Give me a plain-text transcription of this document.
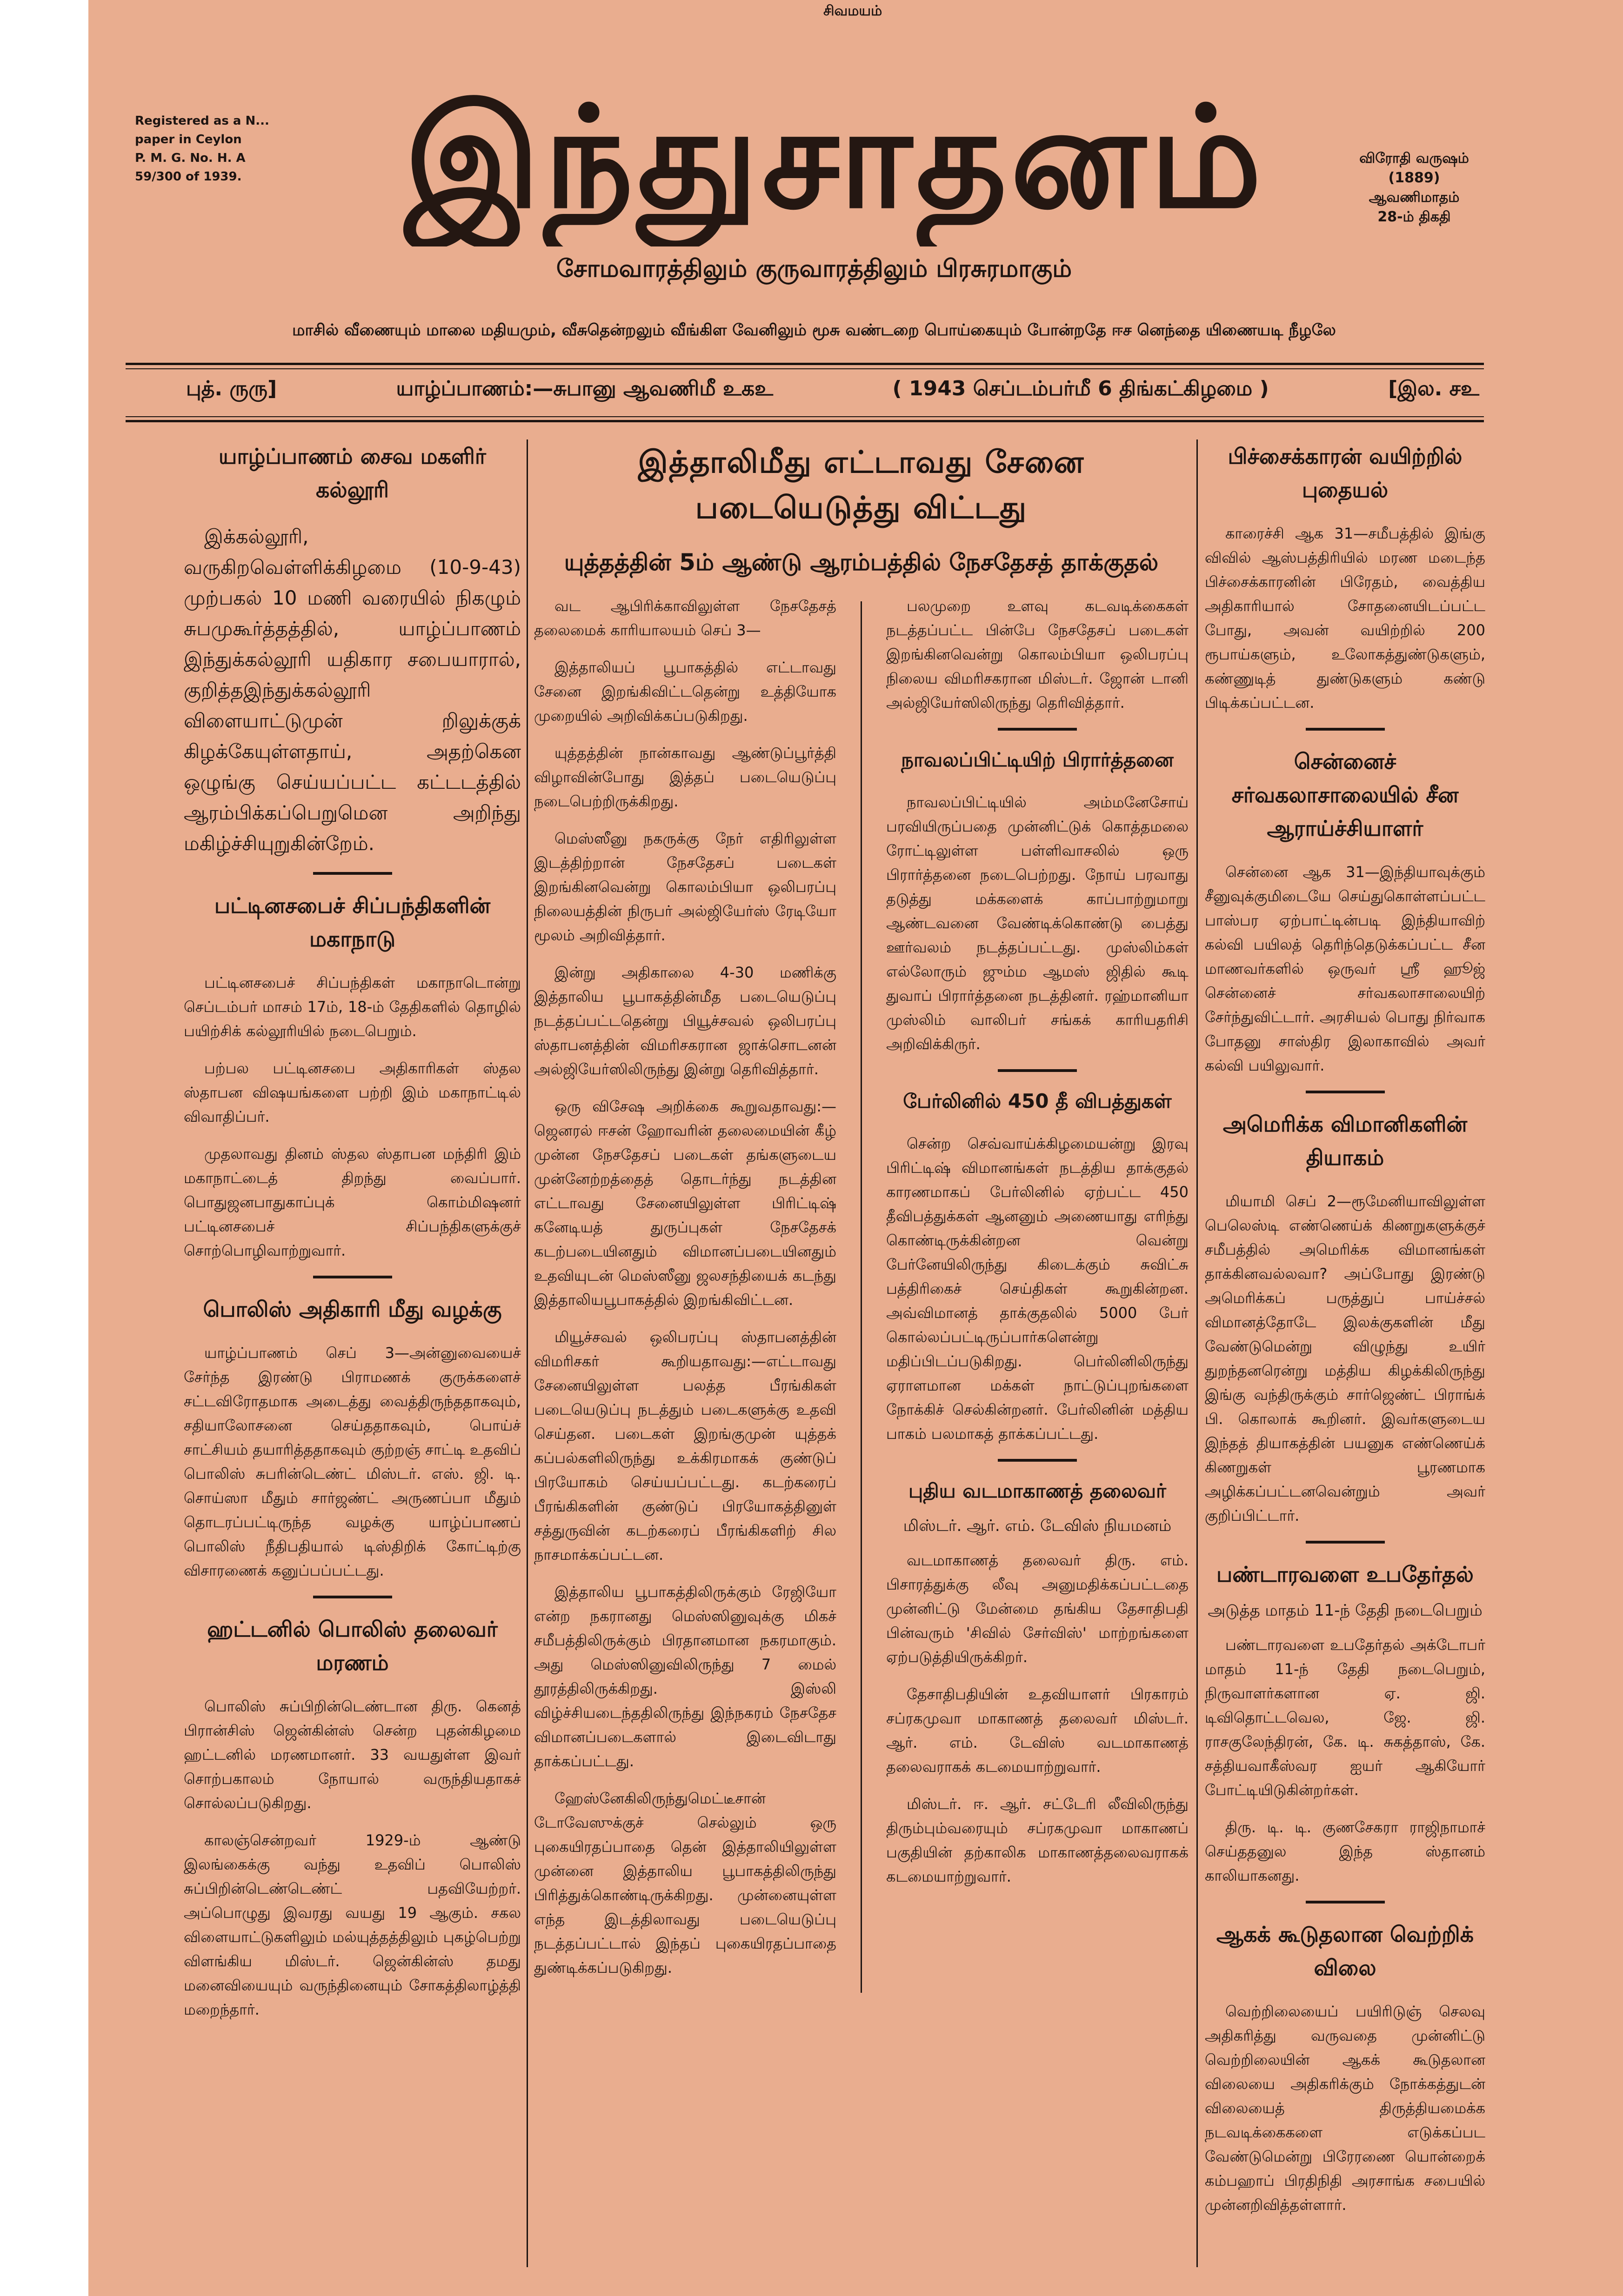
சிவமயம்
Registered as a N...
paper in Ceylon
P. M. G. No. H. A
59/300 of 1939.	இந்துசாதனம்	விரோதி வருஷம்
(1889)
ஆவணிமாதம்
28-ம் திகதி
சோமவாரத்திலும் குருவாரத்திலும் பிரசுரமாகும்
மாசில் வீணையும் மாலை மதியமும், வீசுதென்றலும் வீங்கிள வேனிலும் மூசு வண்டறை பொய்கையும் போன்றதே ஈச னெந்தை யிணையடி நீழலே
புத். ருரு]	யாழ்ப்பாணம்:—சுபானு ஆவணிமீ உகஉ	( 1943 செப்டம்பர்மீ 6 திங்கட்கிழமை )	[இல. சஉ
யாழ்ப்பாணம் சைவ மகளிர் கல்லூரி

இக்கல்லூரி, வருகிறவெள்ளிக்கிழமை (10-9-43) முற்பகல் 10 மணி வரையில் நிகழும் சுபமுகூர்த்தத்தில், யாழ்ப்பாணம் இந்துக்கல்லூரி யதிகார சபையாரால், குறித்தஇந்துக்கல்லூரி விளையாட்டுமுன் றிலுக்குக் கிழக்கேயுள்ளதாய், அதற்கென ஒழுங்கு செய்யப்பட்ட கட்டடத்தில் ஆரம்பிக்கப்பெறுமென அறிந்து மகிழ்ச்சியுறுகின்றேம்.

பட்டினசபைச் சிப்பந்திகளின் மகாநாடு

பட்டினசபைச் சிப்பந்திகள் மகாநாடொன்று செப்டம்பர் மாசம் 17ம், 18-ம் தேதிகளில் தொழில் பயிற்சிக் கல்லூரியில் நடைபெறும்.

பற்பல பட்டினசபை அதிகாரிகள் ஸ்தல ஸ்தாபன விஷயங்களை பற்றி இம் மகாநாட்டில் விவாதிப்பர்.

முதலாவது தினம் ஸ்தல ஸ்தாபன மந்திரி இம் மகாநாட்டைத் திறந்து வைப்பார். பொதுஜனபாதுகாப்புக் கொம்மிஷனர் பட்டினசபைச் சிப்பந்திகளுக்குச் சொற்பொழிவாற்றுவார்.

பொலிஸ் அதிகாரி மீது வழக்கு

யாழ்ப்பாணம் செப் 3—அன்னுவையைச் சேர்ந்த இரண்டு பிராமணக் குருக்களைச் சட்டவிரோதமாக அடைத்து வைத்திருந்ததாகவும், சதியாலோசனை செய்ததாகவும், பொய்ச் சாட்சியம் தயாரித்ததாகவும் குற்றஞ் சாட்டி உதவிப் பொலிஸ் சுபரின்டெண்ட் மிஸ்டர். எஸ். ஜி. டி. சொய்ஸா மீதும் சார்ஜண்ட் அருணப்பா மீதும் தொடரப்பட்டிருந்த வழக்கு யாழ்ப்பாணப் பொலிஸ் நீதிபதியால் டிஸ்திறிக் கோட்டிற்கு விசாரணைக் கனுப்பப்பட்டது.

ஹட்டனில் பொலிஸ் தலைவர் மரணம்

பொலிஸ் சுப்பிறின்டெண்டான திரு. கெனத் பிரான்சிஸ் ஜென்கின்ஸ் சென்ற புதன்கிழமை ஹட்டனில் மரணமானர். 33 வயதுள்ள இவர் சொற்பகாலம் நோயால் வருந்தியதாகச் சொல்லப்படுகிறது.

காலஞ்சென்றவர் 1929-ம் ஆண்டு இலங்கைக்கு வந்து உதவிப் பொலிஸ் சுப்பிறின்டெண்டெண்ட் பதவியேற்றர். அப்பொழுது இவரது வயது 19 ஆகும். சகல விளையாட்டுகளிலும் மல்யுத்தத்திலும் புகழ்பெற்று விளங்கிய மிஸ்டர். ஜென்கின்ஸ் தமது மனைவியையும் வருந்தினையும் சோகத்திலாழ்த்தி மறைந்தார்.

இத்தாலிமீது எட்டாவது சேனை படையெடுத்து விட்டது
யுத்தத்தின் 5ம் ஆண்டு ஆரம்பத்தில் நேசதேசத் தாக்குதல்

வட ஆபிரிக்காவிலுள்ள நேசதேசத் தலைமைக் காரியாலயம் செப் 3—

இத்தாலியப் பூபாகத்தில் எட்டாவது சேனை இறங்கிவிட்டதென்று உத்தியோக முறையில் அறிவிக்கப்படுகிறது.

யுத்தத்தின் நான்காவது ஆண்டுப்பூர்த்தி விழாவின்போது இத்தப் படையெடுப்பு நடைபெற்றிருக்கிறது.

மெஸ்ஸீனு நகருக்கு நேர் எதிரிலுள்ள இடத்திற்றான் நேசதேசப் படைகள் இறங்கினவென்று கொலம்பியா ஒலிபரப்பு நிலையத்தின் நிருபர் அல்ஜியேர்ஸ் ரேடியோ மூலம் அறிவித்தார்.

இன்று அதிகாலை 4-30 மணிக்கு இத்தாலிய பூபாகத்தின்மீத படையெடுப்பு நடத்தப்பட்டதென்று பியூச்சவல் ஒலிபரப்பு ஸ்தாபனத்தின் விமரிசகரான ஜாக்சொடனன் அல்ஜியேர்ஸிலிருந்து இன்று தெரிவித்தார்.

ஒரு விசேஷ அறிக்கை கூறுவதாவது:—ஜெனரல் ஈசன் ஹோவரின் தலைமையின் கீழ் முன்ன நேசதேசப் படைகள் தங்களுடைய முன்னேற்றத்தைத் தொடர்ந்து நடத்தின எட்டாவது சேனையிலுள்ள பிரிட்டிஷ் கனேடியத் துருப்புகள் நேசதேசக் கடற்படையினதும் விமானப்படையினதும் உதவியுடன் மெஸ்ஸீனு ஜலசந்தியைக் கடந்து இத்தாலியபூபாகத்தில் இறங்கிவிட்டன.

மியூச்சவல் ஒலிபரப்பு ஸ்தாபனத்தின் விமரிசகர் கூறியதாவது:—எட்டாவது சேனையிலுள்ள பலத்த பீரங்கிகள் படையெடுப்பு நடத்தும் படைகளுக்கு உதவி செய்தன. படைகள் இறங்குமுன் யுத்தக் கப்பல்களிலிருந்து உக்கிரமாகக் குண்டுப் பிரயோகம் செய்யப்பட்டது. கடற்கரைப் பீரங்கிகளின் குண்டுப் பிரயோகத்தினுள் சத்துருவின் கடற்கரைப் பீரங்கிகளிற் சில நாசமாக்கப்பட்டன.

இத்தாலிய பூபாகத்திலிருக்கும் ரேஜியோ என்ற நகரானது மெஸ்ஸினுவுக்கு மிகச் சமீபத்திலிருக்கும் பிரதானமான நகரமாகும். அது மெஸ்ஸினுவிலிருந்து 7 மைல் தூரத்திலிருக்கிறது. இஸ்லி விழ்ச்சியடைந்ததிலிருந்து இந்நகரம் நேசதேச விமானப்படைகளால் இடைவிடாது தாக்கப்பட்டது.

ஹேஸ்னேகிலிருந்துமெட்டீசான் டோவேஸுக்குச் செல்லும் ஒரு புகையிரதப்பாதை தென் இத்தாலியிலுள்ள முன்னை இத்தாலிய பூபாகத்திலிருந்து பிரித்துக்கொண்டிருக்கிறது. முன்னையுள்ள எந்த இடத்திலாவது படையெடுப்பு நடத்தப்பட்டால் இந்தப் புகையிரதப்பாதை துண்டிக்கப்படுகிறது.

பலமுறை உளவு கடவடிக்கைகள் நடத்தப்பட்ட பின்பே நேசதேசப் படைகள் இறங்கினவென்று கொலம்பியா ஒலிபரப்பு நிலைய விமரிசகரான மிஸ்டர். ஜோன் டானி அல்ஜியேர்ஸிலிருந்து தெரிவித்தார்.

நாவலப்பிட்டியிற் பிரார்த்தனை

நாவலப்பிட்டியில் அம்மனேசோய் பரவியிருப்பதை முன்னிட்டுக் கொத்தமலை ரோட்டிலுள்ள பள்ளிவாசலில் ஒரு பிரார்த்தனை நடைபெற்றது. நோய் பரவாது தடுத்து மக்களைக் காப்பாற்றுமாறு ஆண்டவனை வேண்டிக்கொண்டு பைத்து ஊர்வலம் நடத்தப்பட்டது. முஸ்லிம்கள் எல்லோரும் ஜும்ம ஆமஸ் ஜிதில் கூடி துவாப் பிரார்த்தனை நடத்தினர். ரஹ்மானியா முஸ்லிம் வாலிபர் சங்கக் காரியதரிசி அறிவிக்கிருர்.

பேர்லினில் 450 தீ விபத்துகள்

சென்ற செவ்வாய்க்கிழமையன்று இரவு பிரிட்டிஷ் விமானங்கள் நடத்திய தாக்குதல் காரணமாகப் பேர்லினில் ஏற்பட்ட 450 தீவிபத்துக்கள் ஆனனும் அணையாது எரிந்து கொண்டிருக்கின்றன வென்று பேர்னேயிலிருந்து கிடைக்கும் சுவிட்சு பத்திரிகைச் செய்திகள் கூறுகின்றன. அவ்விமானத் தாக்குதலில் 5000 பேர் கொல்லப்பட்டிருப்பார்களென்று மதிப்பிடப்படுகிறது. பெர்லினிலிருந்து ஏராளமான மக்கள் நாட்டுப்புறங்களை நோக்கிச் செல்கின்றனர். பேர்லினின் மத்திய பாகம் பலமாகத் தாக்கப்பட்டது.

புதிய வடமாகாணத் தலைவர்
மிஸ்டர். ஆர். எம். டேவிஸ் நியமனம்

வடமாகாணத் தலைவர் திரு. எம். பிசாரத்துக்கு லீவு அனுமதிக்கப்பட்டதை முன்னிட்டு மேன்மை தங்கிய தேசாதிபதி பின்வரும் 'சிவில் சேர்விஸ்' மாற்றங்களை ஏற்படுத்தியிருக்கிறர்.

தேசாதிபதியின் உதவியாளர் பிரகாரம் சப்ரகமுவா மாகாணத் தலைவர் மிஸ்டர். ஆர். எம். டேவிஸ் வடமாகாணத் தலைவராகக் கடமையாற்றுவார்.

மிஸ்டர். ஈ. ஆர். சட்டேரி லீவிலிருந்து திரும்பும்வரையும் சப்ரகமுவா மாகாணப் பகுதியின் தற்காலிக மாகாணத்தலைவராகக் கடமையாற்றுவார்.

பிச்சைக்காரன் வயிற்றில் புதையல்

காரைச்சி ஆக 31—சமீபத்தில் இங்கு விவில் ஆஸ்பத்திரியில் மரண மடைந்த பிச்சைக்காரனின் பிரேதம், வைத்திய அதிகாரியால் சோதனையிடப்பட்ட போது, அவன் வயிற்றில் 200 ரூபாய்களும், உலோகத்துண்டுகளும், கண்ணுடித் துண்டுகளும் கண்டு பிடிக்கப்பட்டன.

சென்னைச் சர்வகலாசாலையில் சீன ஆராய்ச்சியாளர்

சென்னை ஆக 31—இந்தியாவுக்கும் சீனுவுக்குமிடையே செய்துகொள்ளப்பட்ட பாஸ்பர ஏற்பாட்டின்படி இந்தியாவிற் கல்வி பயிலத் தெரிந்தெடுக்கப்பட்ட சீன மாணவர்களில் ஒருவர் ஸ்ரீ ஹூஜ் சென்னைச் சர்வகலாசாலையிற் சேர்ந்துவிட்டார். அரசியல் பொது நிர்வாக போதனு சாஸ்திர இலாகாவில் அவர் கல்வி பயிலுவார்.

அமெரிக்க விமானிகளின் தியாகம்

மியாமி செப் 2—ரூமேனியாவிலுள்ள பெலெஸ்டி எண்ணெய்க் கிணறுகளுக்குச் சமீபத்தில் அமெரிக்க விமானங்கள் தாக்கினவல்லவா? அப்போது இரண்டு அமெரிக்கப் பருத்துப் பாய்ச்சல் விமானத்தோடே இலக்குகளின் மீது வேண்டுமென்று விழுந்து உயிர் துறந்தனரென்று மத்திய கிழக்கிலிருந்து இங்கு வந்திருக்கும் சார்ஜெண்ட் பிராங்க் பி. கொலாக் கூறினர். இவர்களுடைய இந்தத் தியாகத்தின் பயனுக எண்ணெய்க் கிணறுகள் பூரணமாக அழிக்கப்பட்டனவென்றும் அவர் குறிப்பிட்டார்.

பண்டாரவளை உபதேர்தல்
அடுத்த மாதம் 11-ந் தேதி நடைபெறும்

பண்டாரவளை உபதேர்தல் அக்டோபர் மாதம் 11-ந் தேதி நடைபெறும், நிருவாளர்களான ஏ. ஜி. டிவிதொட்டவெல, ஜே. ஜி. ராசகுலேந்திரன், கே. டி. சுகத்தாஸ், கே. சத்தியவாகீஸ்வர ஐயர் ஆகியோர் போட்டியிடுகின்றர்கள்.

திரு. டி. டி. குணசேகரா ராஜிநாமாச் செய்ததனுல இந்த ஸ்தானம் காலியாகனது.

ஆகக் கூடுதலான வெற்றிக் விலை

வெற்றிலையைப் பயிரிடுஞ் செலவு அதிகரித்து வருவதை முன்னிட்டு வெற்றிலையின் ஆகக் கூடுதலான விலையை அதிகரிக்கும் நோக்கத்துடன் விலையைத் திருத்தியமைக்க நடவடிக்கைகளை எடுக்கப்பட வேண்டுமென்று பிரேரணை யொன்றைக் கம்பஹாப் பிரதிநிதி அரசாங்க சபையில் முன்னறிவித்தள்ளார்.
